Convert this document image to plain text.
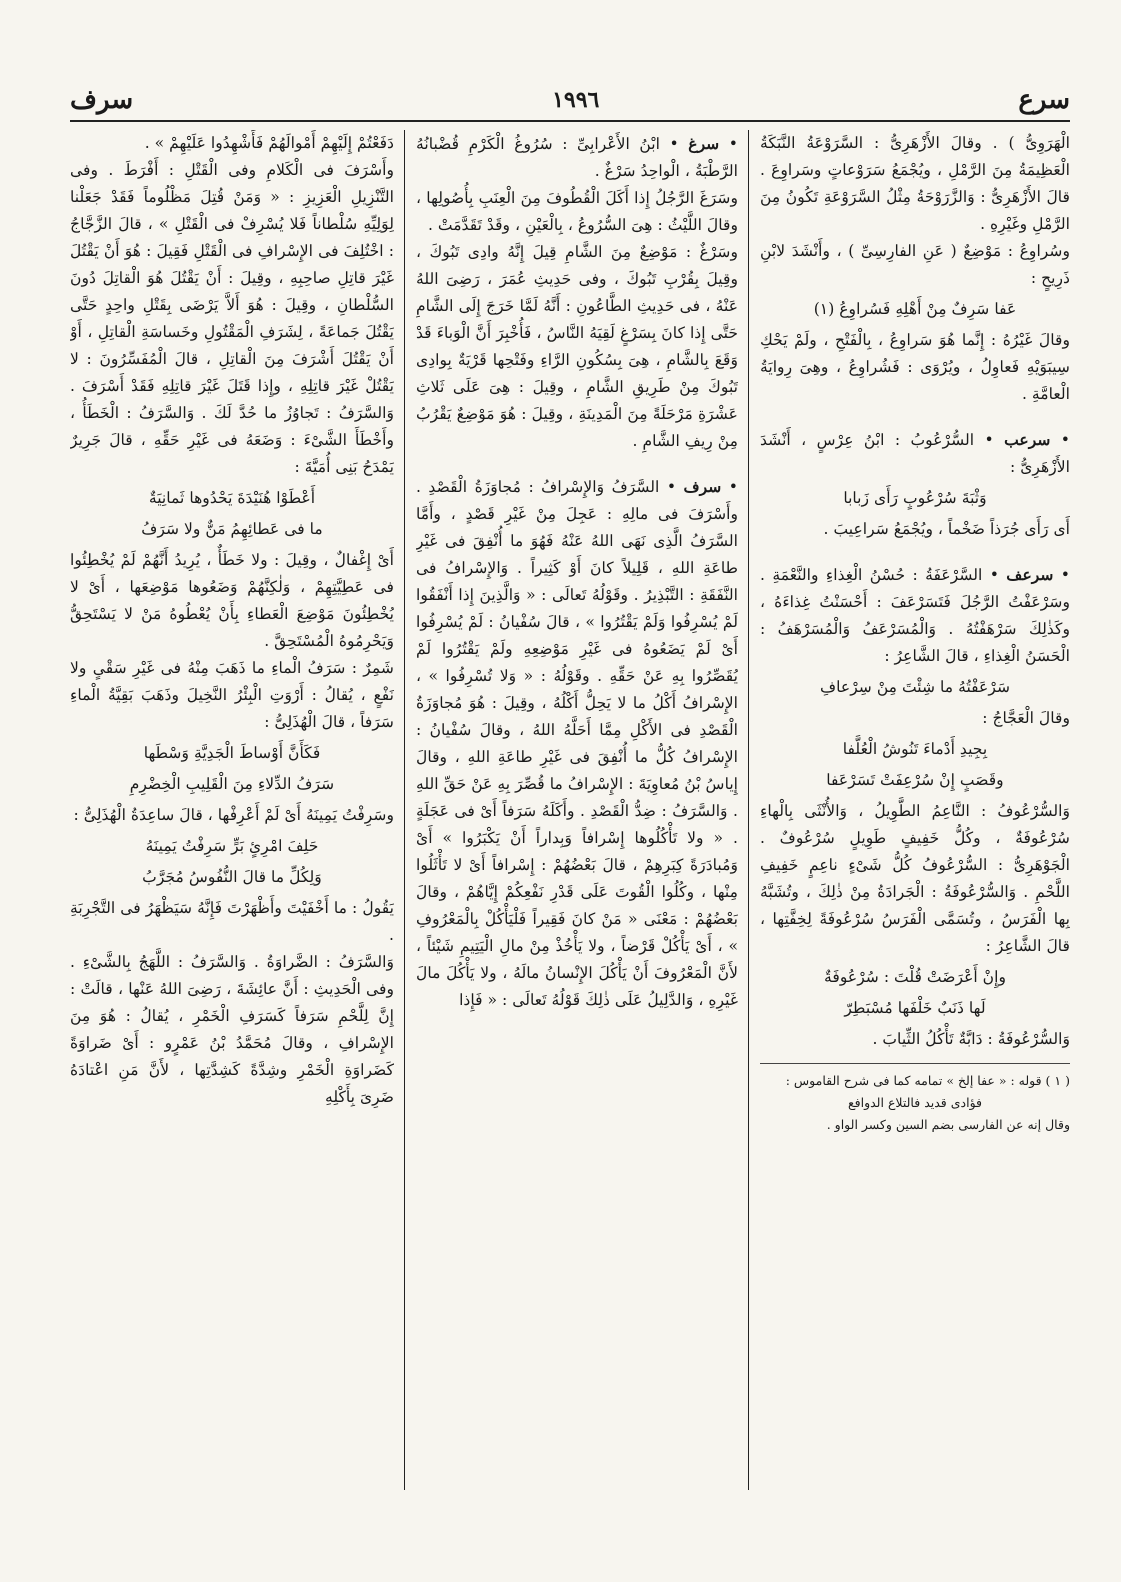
سرع
١٩٩٦
سرف

الْهَرَوِىُّ ) . وقالَ الأَزْهَرِىُّ : السَّرَوْعَةُ النَّبَكَةُ الْعَظِيمَةُ مِنَ الرَّمْلِ ، ويُجْمَعُ سَرَوْعاتٍ وسَراوِعَ . قالَ الأَزْهَرِىُّ : وَالزَّرَوْحَةُ مِثْلُ السَّرَوْعَةِ تَكُونُ مِنَ الرَّمْلِ وغَيْرِهِ .

وسُراوِعُ : مَوْضِعٌ ( عَنِ الفارِسِىِّ ) ، وأَنْشَدَ لابْنِ ذَرِيحٍ :

عَفا سَرِفٌ مِنْ أَهْلِهِ فَسُراوِعُ (١)

وقالَ غَيْرُهُ : إِنَّما هُوَ سَراوِعُ ، بِالْفَتْحِ ، ولَمْ يَحْكِ سِيبَوَيْهِ فَعاوِلُ ، ويُرْوَى : فَشُراوِعُ ، وهِىَ رِوايَةُ الْعامَّةِ .

• سرعب • السُّرْعُوبُ : ابْنُ عِرْسٍ ، أَنْشَدَ الأَزْهَرِىُّ :

وَثْبَةَ سُرْعُوبٍ رَأَى زَبابا

أَى رَأَى جُرَذاً ضَخْماً ، ويُجْمَعُ سَراعِيبَ .

• سرعف • السَّرْعَفَةُ : حُسْنُ الْغِذاءِ والنَّعْمَةِ . وسَرْعَفْتُ الرَّجُلَ فَتَسَرْعَفَ : أَحْسَنْتُ غِذاءَهُ ، وكَذٰلِكَ سَرْهَفْتُهُ . وَالْمُسَرْعَفُ وَالْمُسَرْهَفُ : الْحَسَنُ الْغِذاءِ ، قالَ الشَّاعِرُ :

سَرْعَفْتُهُ ما شِئْتَ مِنْ سِرْعافِ

وقالَ الْعَجَّاجُ :

بِجِيدِ أَدْماءَ تَنُوشُ الْعُلَّفا

وقَصَبٍ إِنْ سُرْعِفَتْ تَسَرْعَفا

وَالسُّرْعُوفُ : النَّاعِمُ الطَّوِيلُ ، وَالأُنْثَى بِالْهاءِ سُرْعُوفَةٌ ، وكُلُّ خَفِيفٍ طَوِيلٍ سُرْعُوفٌ . الْجَوْهَرِىُّ : السُّرْعُوفُ كُلُّ شَىْءٍ ناعِمٍ خَفِيفِ اللَّحْمِ . وَالسُّرْعُوفَةُ : الْجَرادَةُ مِنْ ذٰلِكَ ، وتُشَبَّهُ بِها الْفَرَسُ ، وتُسَمَّى الْفَرَسُ سُرْعُوفَةً لِخِفَّتِها ، قالَ الشَّاعِرُ :

وإِنْ أَعْرَضَتْ قُلْتَ : سُرْعُوفَةٌ

لَها ذَنَبٌ خَلْفَها مُسْبَطِرّ

وَالسُّرْعُوفَةُ : دَابَّةٌ تَأْكُلُ الثِّيابَ .

( ١ ) قوله : « عفا إلخ » تمامه كما فى شرح القاموس :

فؤادى قديد فالتلاع الدوافع

وقال إنه عن الفارسى بضم السين وكسر الواو .

• سرغ • ابْنُ الأَعْرابِىِّ : سُرُوغُ الْكَرْمِ قُضْبانُهُ الرَّطْبَةُ ، الْواحِدُ سَرْغٌ .

وسَرَغَ الرَّجُلُ إِذا أَكَلَ الْقُطُوفَ مِنَ الْعِنَبِ بِأُصُولِها ، وقالَ اللَّيْثُ : هِىَ السُّرُوعُ ، بِالْعَيْنِ ، وقَدْ تَقَدَّمَتْ .

وسَرْغٌ : مَوْضِعٌ مِنَ الشَّامِ قِيلَ إِنَّهُ وادِى تَبُوكَ ، وقِيلَ بِقُرْبِ تَبُوكَ ، وفى حَدِيثِ عُمَرَ ، رَضِىَ اللهُ عَنْهُ ، فى حَدِيثِ الطَّاعُونِ : أَنَّهُ لَمَّا خَرَجَ إِلَى الشَّامِ حَتَّى إِذا كانَ بِسَرْغٍ لَقِيَهُ النَّاسُ ، فَأُخْبِرَ أَنَّ الْوَباءَ قَدْ وَقَعَ بِالشَّامِ ، هِىَ بِسُكُونِ الرَّاءِ وفَتْحِها قَرْيَةٌ بِوادِى تَبُوكَ مِنْ طَرِيقِ الشَّامِ ، وقِيلَ : هِىَ عَلَى ثَلاثِ عَشْرَةِ مَرْحَلَةً مِنَ الْمَدِينَةِ ، وقِيلَ : هُوَ مَوْضِعٌ يَقْرُبُ مِنْ رِيفِ الشَّامِ .

• سرف • السَّرَفُ وَالإِسْرافُ : مُجاوَزَةُ الْقَصْدِ . وأَسْرَفَ فى مالِهِ : عَجِلَ مِنْ غَيْرِ قَصْدٍ ، وأَمَّا السَّرَفُ الَّذِى نَهَى اللهُ عَنْهُ فَهُوَ ما أُنْفِقَ فى غَيْرِ طاعَةِ اللهِ ، قَلِيلاً كانَ أَوْ كَثِيراً . وَالإِسْرافُ فى النَّفَقَةِ : التَّبْذِيرُ . وقَوْلُهُ تَعالَى : « وَالَّذِينَ إِذا أَنْفَقُوا لَمْ يُسْرِفُوا وَلَمْ يَقْتُرُوا » ، قالَ سُفْيانُ : لَمْ يُسْرِفُوا أَىْ لَمْ يَضَعُوهُ فى غَيْرِ مَوْضِعِهِ ولَمْ يَقْتُرُوا لَمْ يُقَصِّرُوا بِهِ عَنْ حَقِّهِ . وقَوْلُهُ : « وَلا تُسْرِفُوا » ، الإِسْرافُ أَكْلُ ما لا يَحِلُّ أَكْلُهُ ، وقِيلَ : هُوَ مُجاوَزَةُ الْقَصْدِ فى الأَكْلِ مِمَّا أَحَلَّهُ اللهُ ، وقالَ سُفْيانُ : الإِسْرافُ كُلُّ ما أُنْفِقَ فى غَيْرِ طاعَةِ اللهِ ، وقالَ إِياسُ بْنُ مُعاوِيَةَ : الإِسْرافُ ما قُصِّرَ بِهِ عَنْ حَقِّ اللهِ . وَالسَّرَفُ : ضِدُّ الْقَصْدِ . وأَكَلَهُ سَرَفاً أَىْ فى عَجَلَةٍ . « ولا تَأْكُلُوها إِسْرافاً وَبِداراً أَنْ يَكْبَرُوا » أَىْ وَمُبادَرَةً كِبَرِهِمْ ، قالَ بَعْضُهُمْ : إِسْرافاً أَىْ لا تَأْثَلُوا مِنْها ، وكُلُوا الْقُوتَ عَلَى قَدْرِ نَفْعِكُمْ إِيَّاهُمْ ، وقالَ بَعْضُهُمْ : مَعْنَى « مَنْ كانَ فَقِيراً فَلْيَأْكُلْ بِالْمَعْرُوفِ » ، أَىْ يَأْكُلْ قَرْضاً ، ولا يَأْخُذْ مِنْ مالِ الْيَتِيمِ شَيْئاً ، لأَنَّ الْمَعْرُوفَ أَنْ يَأْكُلَ الإِنْسانُ مالَهُ ، ولا يَأْكُلَ مالَ غَيْرِهِ ، وَالدَّلِيلُ عَلَى ذٰلِكَ قَوْلُهُ تَعالَى : « فَإِذا

دَفَعْتُمْ إِلَيْهِمْ أَمْوالَهُمْ فَأَشْهِدُوا عَلَيْهِمْ » .

وأَسْرَفَ فى الْكَلامِ وفى الْقَتْلِ : أَفْرَطَ . وفى التَّنْزِيلِ الْعَزِيزِ : « وَمَنْ قُتِلَ مَظْلُوماً فَقَدْ جَعَلْنا لِوَلِيِّهِ سُلْطاناً فَلا يُسْرِفْ فى الْقَتْلِ » ، قالَ الزَّجَّاجُ : اخْتُلِفَ فى الإِسْرافِ فى الْقَتْلِ فَقِيلَ : هُوَ أَنْ يَقْتُلَ غَيْرَ قاتِلِ صاحِبِهِ ، وقِيلَ : أَنْ يَقْتُلَ هُوَ الْقاتِلَ دُونَ السُّلْطانِ ، وقِيلَ : هُوَ أَلاَّ يَرْضَى بِقَتْلِ واحِدٍ حَتَّى يَقْتُلَ جَماعَةً ، لِشَرَفِ الْمَقْتُولِ وخَساسَةِ الْقاتِلِ ، أَوْ أَنْ يَقْتُلَ أَشْرَفَ مِنَ الْقاتِلِ ، قالَ الْمُفَسِّرُونَ : لا يَقْتُلْ غَيْرَ قاتِلِهِ ، وإِذا قَتَلَ غَيْرَ قاتِلِهِ فَقَدْ أَسْرَفَ . وَالسَّرَفُ : تَجاوُزُ ما حُدَّ لَكَ . وَالسَّرَفُ : الْخَطَأُ ، وأَخْطَأَ الشَّىْءَ : وَضَعَهُ فى غَيْرِ حَقِّهِ ، قالَ جَرِيرٌ يَمْدَحُ بَنِى أُمَيَّةَ :

أَعْطَوْا هُنَيْدَةَ يَحْدُوها ثَمانِيَةٌ

ما فى عَطائِهِمُ مَنٌّ ولا سَرَفُ

أَىْ إِغْفالٌ ، وقِيلَ : ولا خَطَأٌ ، يُرِيدُ أَنَّهُمْ لَمْ يُخْطِئُوا فى عَطِيَّتِهِمْ ، وَلٰكِنَّهُمْ وَضَعُوها مَوْضِعَها ، أَىْ لا يُخْطِئُونَ مَوْضِعَ الْعَطاءِ بِأَنْ يُعْطُوهُ مَنْ لا يَسْتَحِقُّ وَيَحْرِمُوهُ الْمُسْتَحِقَّ .

شَمِرٌ : سَرَفُ الْماءِ ما ذَهَبَ مِنْهُ فى غَيْرِ سَقْىٍ ولا نَفْعٍ ، يُقالُ : أَرْوَتِ الْبِئْرُ النَّخِيلَ وذَهَبَ بَقِيَّةُ الْماءِ سَرَفاً ، قالَ الْهُذَلِىُّ :

فَكَأَنَّ أَوْساطَ الْجَدِيَّةِ وَسْطَها

سَرَفُ الدِّلاءِ مِنَ الْقَلِيبِ الْخِضْرِمِ

وسَرِفْتُ يَمِينَهُ أَىْ لَمْ أَعْرِفْها ، قالَ ساعِدَةُ الْهُذَلِىُّ :

حَلِفَ امْرِئٍ بَرٍّ سَرِفْتُ يَمِينَهُ

وَلِكُلِّ ما قالَ النُّفُوسُ مُجَرَّبُ

يَقُولُ : ما أَخْفَيْتَ وأَظْهَرْتَ فَإِنَّهُ سَيَظْهَرُ فى التَّجْرِبَةِ .

وَالسَّرَفُ : الضَّراوَةُ . وَالسَّرَفُ : اللَّهَجُ بِالشَّىْءِ . وفى الْحَدِيثِ : أَنَّ عائِشَةَ ، رَضِىَ اللهُ عَنْها ، قالَتْ : إِنَّ لِلَّحْمِ سَرَفاً كَسَرَفِ الْخَمْرِ ، يُقالُ : هُوَ مِنَ الإِسْرافِ ، وقالَ مُحَمَّدُ بْنُ عَمْرٍو : أَىْ ضَراوَةً كَضَراوَةِ الْخَمْرِ وشِدَّةً كَشِدَّتِها ، لأَنَّ مَنِ اعْتادَهُ ضَرِىَ بِأَكْلِهِ
